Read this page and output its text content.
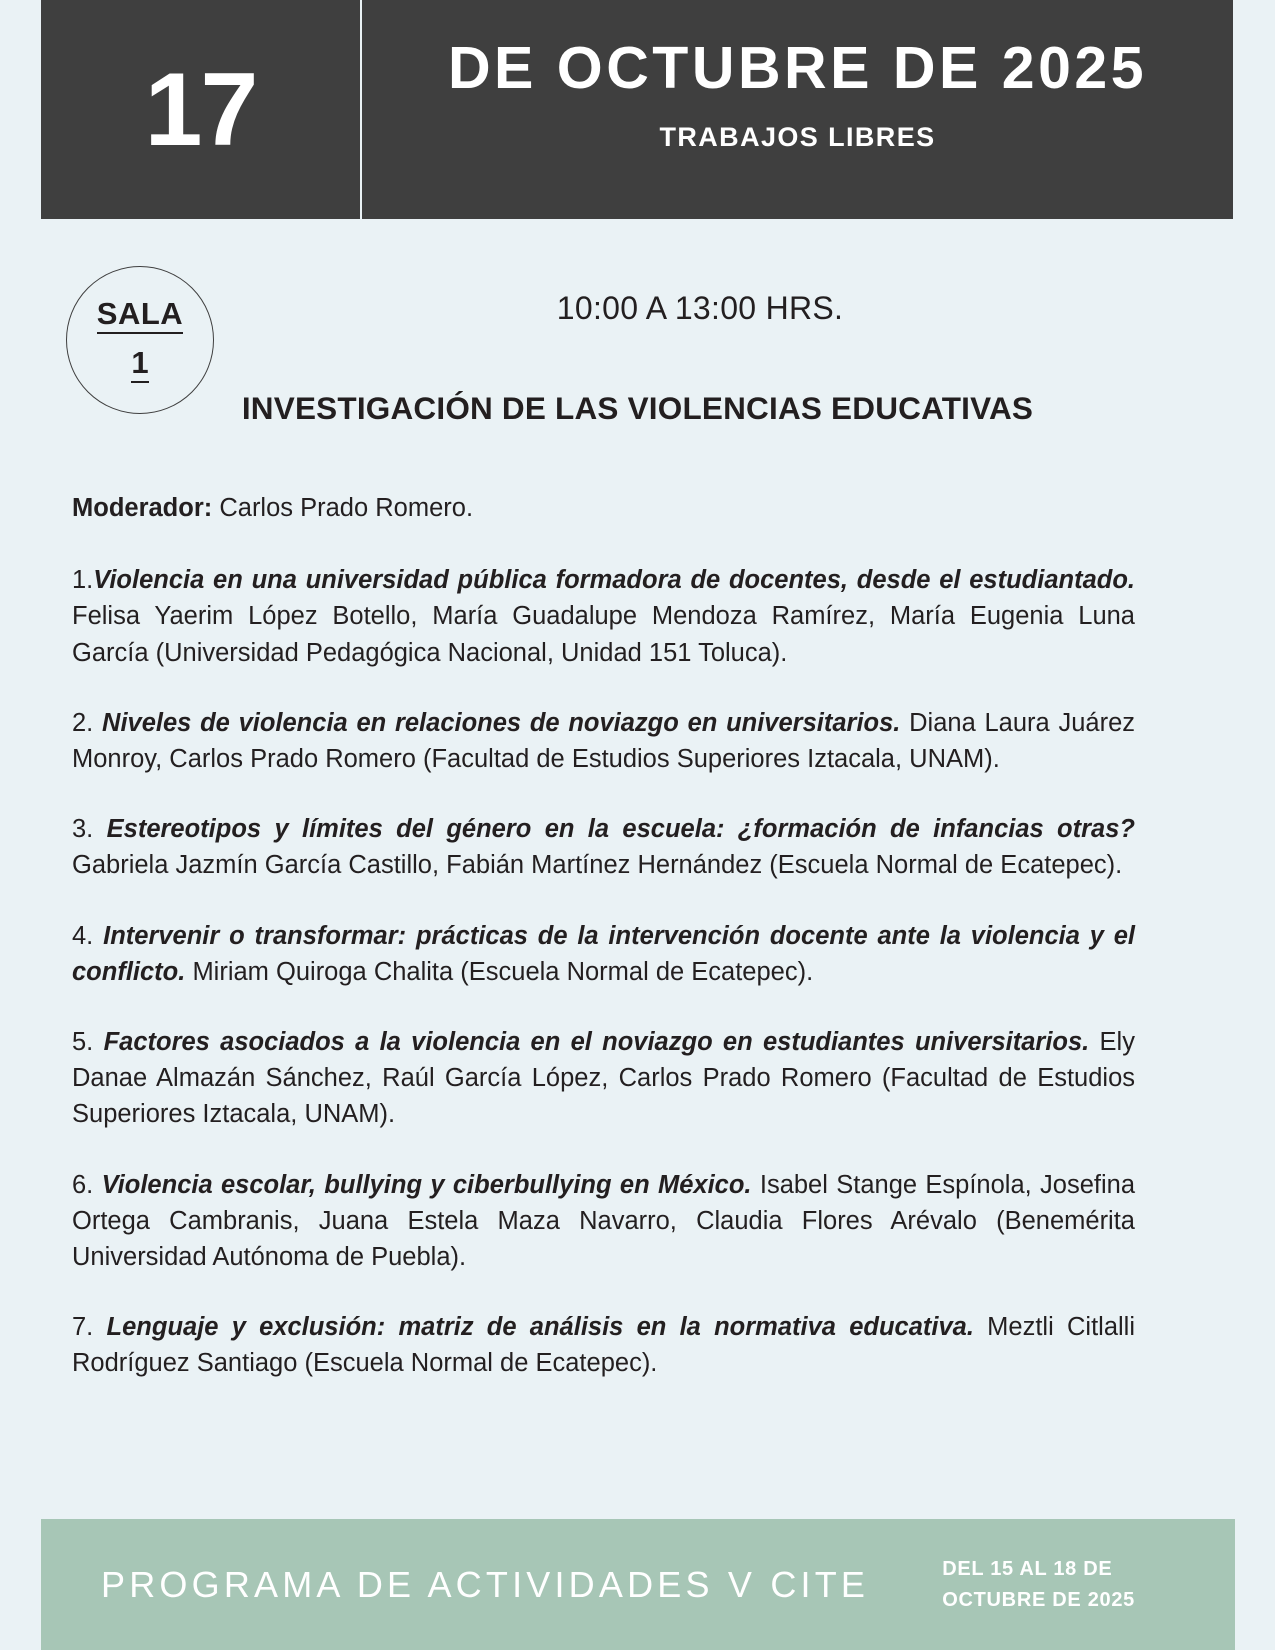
17	DE OCTUBRE DE 2025
TRABAJOS LIBRES
SALA
1
10:00 A 13:00 HRS.
INVESTIGACIÓN DE LAS VIOLENCIAS EDUCATIVAS

Moderador: Carlos Prado Romero.

1.Violencia en una universidad pública formadora de docentes, desde el estudiantado. Felisa Yaerim López Botello, María Guadalupe Mendoza Ramírez, María Eugenia Luna García (Universidad Pedagógica Nacional, Unidad 151 Toluca).

2. Niveles de violencia en relaciones de noviazgo en universitarios. Diana Laura Juárez Monroy, Carlos Prado Romero (Facultad de Estudios Superiores Iztacala, UNAM).

3. Estereotipos y límites del género en la escuela: ¿formación de infancias otras? Gabriela Jazmín García Castillo, Fabián Martínez Hernández (Escuela Normal de Ecatepec).

4. Intervenir o transformar: prácticas de la intervención docente ante la violencia y el conflicto. Miriam Quiroga Chalita (Escuela Normal de Ecatepec).

5. Factores asociados a la violencia en el noviazgo en estudiantes universitarios. Ely Danae Almazán Sánchez, Raúl García López, Carlos Prado Romero (Facultad de Estudios Superiores Iztacala, UNAM).

6. Violencia escolar, bullying y ciberbullying en México. Isabel Stange Espínola, Josefina Ortega Cambranis, Juana Estela Maza Navarro, Claudia Flores Arévalo (Benemérita Universidad Autónoma de Puebla).

7. Lenguaje y exclusión: matriz de análisis en la normativa educativa. Meztli Citlalli Rodríguez Santiago (Escuela Normal de Ecatepec).

PROGRAMA DE ACTIVIDADES V CITE	DEL 15 AL 18 DE
OCTUBRE DE 2025
